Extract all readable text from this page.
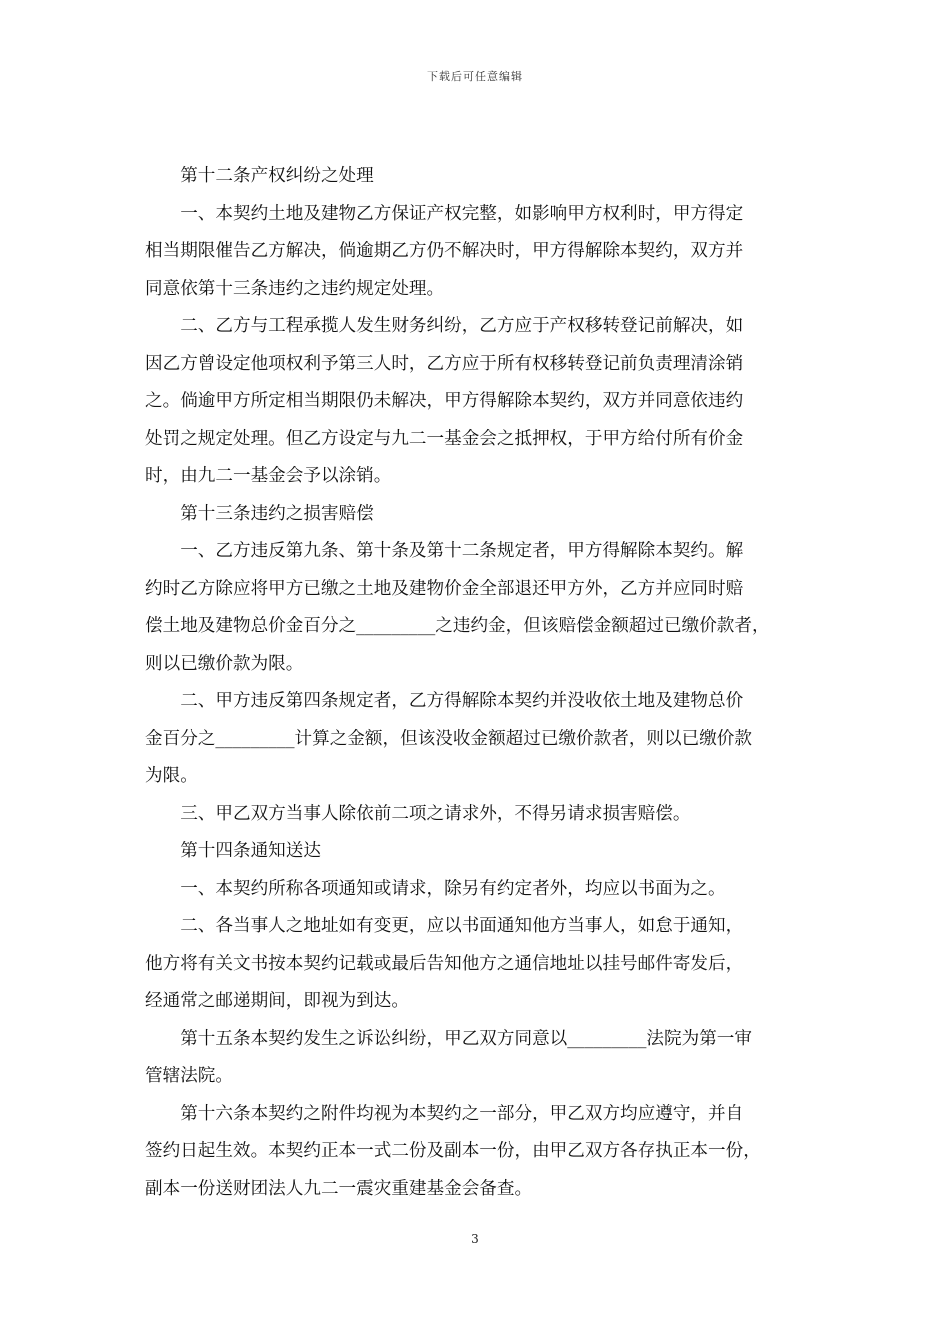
下载后可任意编辑

第十二条产权纠纷之处理

一、本契约土地及建物乙方保证产权完整，如影响甲方权利时，甲方得定
相当期限催告乙方解决，倘逾期乙方仍不解决时，甲方得解除本契约，双方并
同意依第十三条违约之违约规定处理。

二、乙方与工程承揽人发生财务纠纷，乙方应于产权移转登记前解决，如
因乙方曾设定他项权利予第三人时，乙方应于所有权移转登记前负责理清涂销
之。倘逾甲方所定相当期限仍未解决，甲方得解除本契约，双方并同意依违约
处罚之规定处理。但乙方设定与九二一基金会之抵押权，于甲方给付所有价金
时，由九二一基金会予以涂销。

第十三条违约之损害赔偿

一、乙方违反第九条、第十条及第十二条规定者，甲方得解除本契约。解
约时乙方除应将甲方已缴之土地及建物价金全部退还甲方外，乙方并应同时赔
偿土地及建物总价金百分之_________之违约金，但该赔偿金额超过已缴价款者，
则以已缴价款为限。

二、甲方违反第四条规定者，乙方得解除本契约并没收依土地及建物总价
金百分之_________计算之金额，但该没收金额超过已缴价款者，则以已缴价款
为限。

三、甲乙双方当事人除依前二项之请求外，不得另请求损害赔偿。

第十四条通知送达

一、本契约所称各项通知或请求，除另有约定者外，均应以书面为之。

二、各当事人之地址如有变更，应以书面通知他方当事人，如怠于通知，
他方将有关文书按本契约记载或最后告知他方之通信地址以挂号邮件寄发后，
经通常之邮递期间，即视为到达。

第十五条本契约发生之诉讼纠纷，甲乙双方同意以_________法院为第一审
管辖法院。

第十六条本契约之附件均视为本契约之一部分，甲乙双方均应遵守，并自
签约日起生效。本契约正本一式二份及副本一份，由甲乙双方各存执正本一份，
副本一份送财团法人九二一震灾重建基金会备查。

3
